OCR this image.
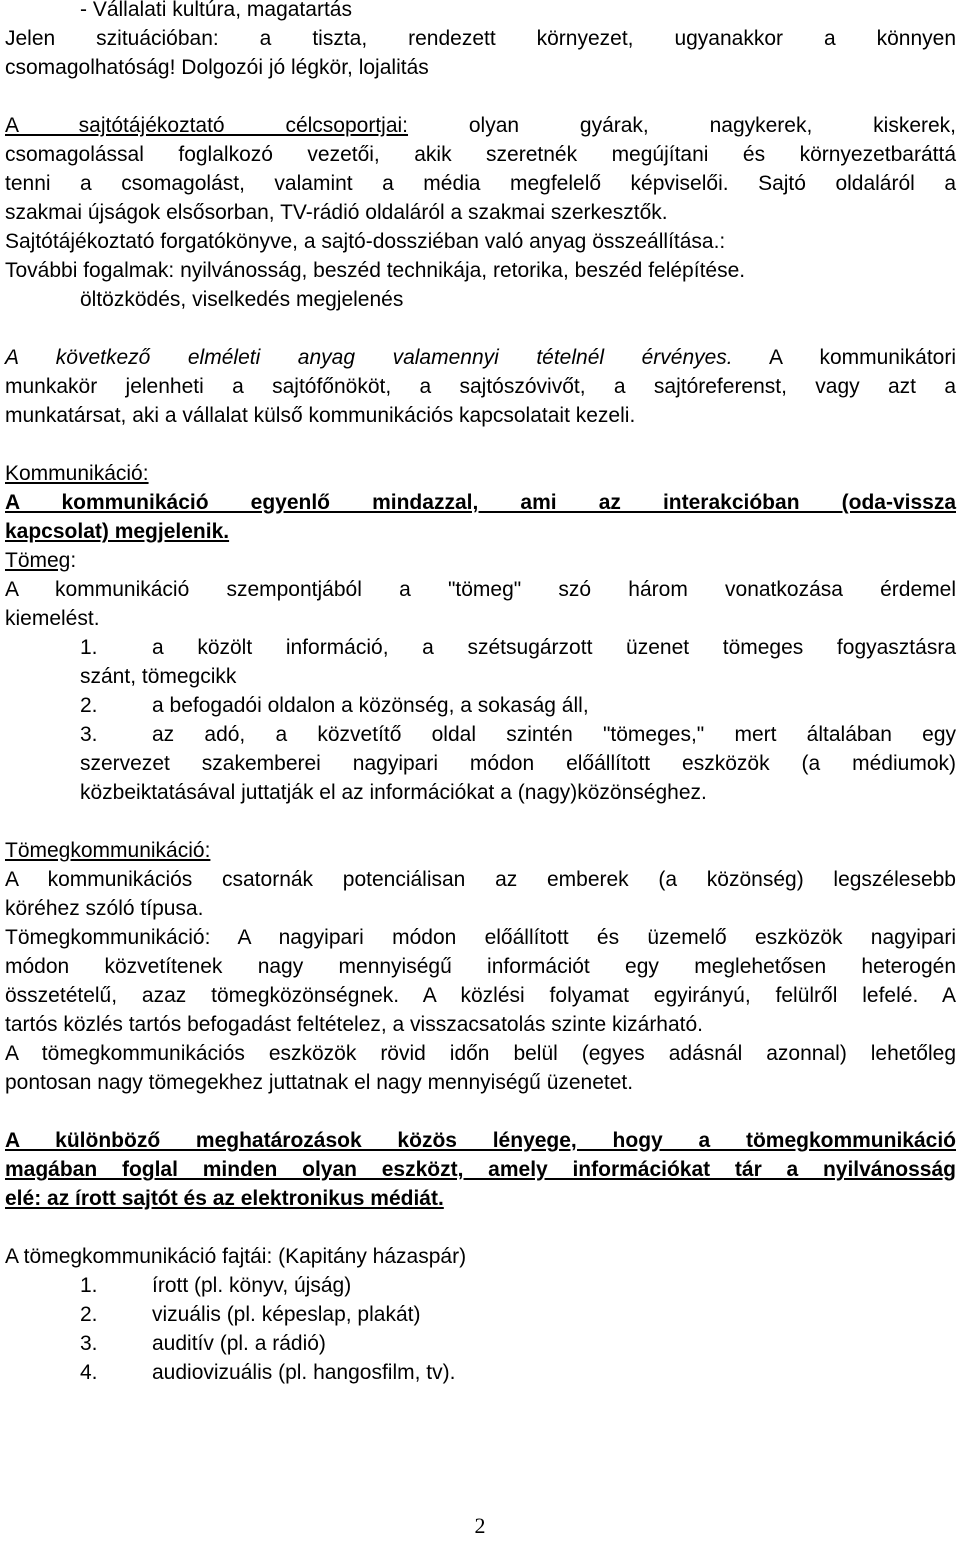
- Vállalati kultúra, magatartás
Jelen szituációban: a tiszta, rendezett környezet, ugyanakkor a könnyen
csomagolhatóság! Dolgozói jó légkör, lojalitás
A sajtótájékoztató célcsoportjai: olyan gyárak, nagykerek, kiskerek,
csomagolással foglalkozó vezetői, akik szeretnék megújítani és környezetbaráttá
tenni a csomagolást, valamint a média megfelelő képviselői. Sajtó oldaláról a
szakmai újságok elsősorban, TV-rádió oldaláról a szakmai szerkesztők.
Sajtótájékoztató forgatókönyve, a sajtó-dossziéban való anyag összeállítása.:
További fogalmak: nyilvánosság, beszéd technikája, retorika, beszéd felépítése.
öltözködés, viselkedés megjelenés
A következő elméleti anyag valamennyi tételnél érvényes. A kommunikátori
munkakör jelenheti a sajtófőnököt, a sajtószóvivőt, a sajtóreferenst, vagy azt a
munkatársat, aki a vállalat külső kommunikációs kapcsolatait kezeli.
Kommunikáció:
A kommunikáció egyenlő mindazzal, ami az interakcióban (oda-vissza
kapcsolat) megjelenik.
Tömeg:
A kommunikáció szempontjából a "tömeg" szó három vonatkozása érdemel
kiemelést.
1.	a közölt információ, a szétsugárzott üzenet tömeges fogyasztásra
szánt, tömegcikk
2.	a befogadói oldalon a közönség, a sokaság áll,
3.	az adó, a közvetítő oldal szintén "tömeges," mert általában egy
szervezet szakemberei nagyipari módon előállított eszközök (a médiumok)
közbeiktatásával juttatják el az információkat a (nagy)közönséghez.
Tömegkommunikáció:
A kommunikációs csatornák potenciálisan az emberek (a közönség) legszélesebb
köréhez szóló típusa.
Tömegkommunikáció: A nagyipari módon előállított és üzemelő eszközök nagyipari
módon közvetítenek nagy mennyiségű információt egy meglehetősen heterogén
összetételű, azaz tömegközönségnek. A közlési folyamat egyirányú, felülről lefelé. A
tartós közlés tartós befogadást feltételez, a visszacsatolás szinte kizárható.
A tömegkommunikációs eszközök rövid időn belül (egyes adásnál azonnal) lehetőleg
pontosan nagy tömegekhez juttatnak el nagy mennyiségű üzenetet.
A különböző meghatározások közös lényege, hogy a tömegkommunikáció
magában foglal minden olyan eszközt, amely információkat tár a nyilvánosság
elé: az írott sajtót és az elektronikus médiát.
A tömegkommunikáció fajtái: (Kapitány házaspár)
1.	írott (pl. könyv, újság)
2.	vizuális (pl. képeslap, plakát)
3.	auditív (pl. a rádió)
4.	audiovizuális (pl. hangosfilm, tv).
2
